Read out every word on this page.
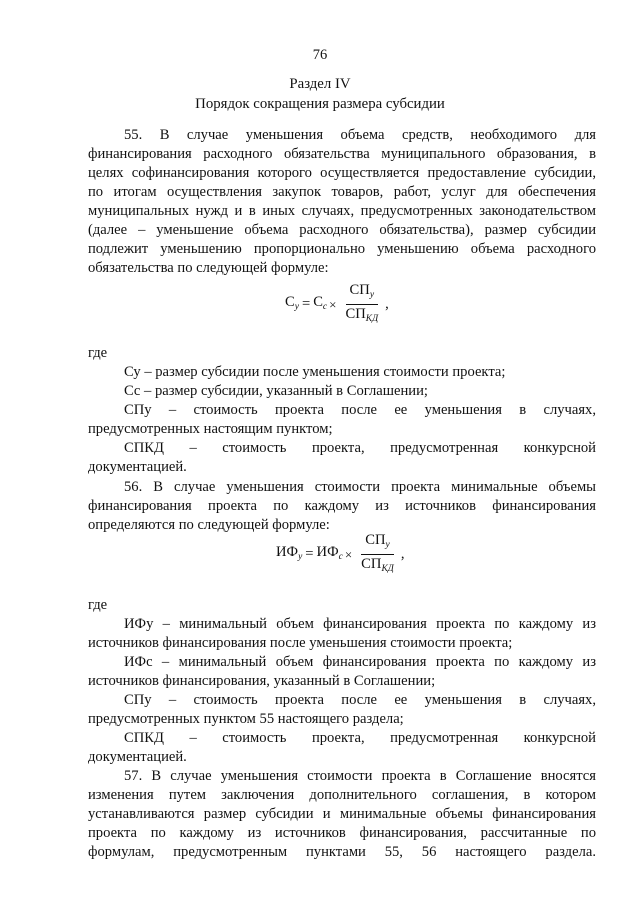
76
Раздел IV
Порядок сокращения размера субсидии
55. В случае уменьшения объема средств, необходимого для
финансирования расходного обязательства муниципального образования, в
целях софинансирования которого осуществляется предоставление субсидии,
по итогам осуществления закупок товаров, работ, услуг для обеспечения
муниципальных нужд и в иных случаях, предусмотренных законодательством
(далее – уменьшение объема расходного обязательства), размер субсидии
подлежит уменьшению пропорционально уменьшению объема расходного
обязательства по следующей формуле:
$С_у = С_с \times \frac{СП_у}{СП_{КД}}$ ,
где
Су – размер субсидии после уменьшения стоимости проекта;
Сс – размер субсидии, указанный в Соглашении;
СПу – стоимость проекта после ее уменьшения в случаях,
предусмотренных настоящим пунктом;
СПКД – стоимость проекта, предусмотренная конкурсной
документацией.
56. В случае уменьшения стоимости проекта минимальные объемы
финансирования проекта по каждому из источников финансирования
определяются по следующей формуле:
$ИФ_у = ИФ_с \times \frac{СП_у}{СП_{КД}}$ ,
где
ИФу – минимальный объем финансирования проекта по каждому из
источников финансирования после уменьшения стоимости проекта;
ИФс – минимальный объем финансирования проекта по каждому из
источников финансирования, указанный в Соглашении;
СПу – стоимость проекта после ее уменьшения в случаях,
предусмотренных пунктом 55 настоящего раздела;
СПКД – стоимость проекта, предусмотренная конкурсной
документацией.
57. В случае уменьшения стоимости проекта в Соглашение вносятся
изменения путем заключения дополнительного соглашения, в котором
устанавливаются размер субсидии и минимальные объемы финансирования
проекта по каждому из источников финансирования, рассчитанные по
формулам, предусмотренным пунктами 55, 56 настоящего раздела.
